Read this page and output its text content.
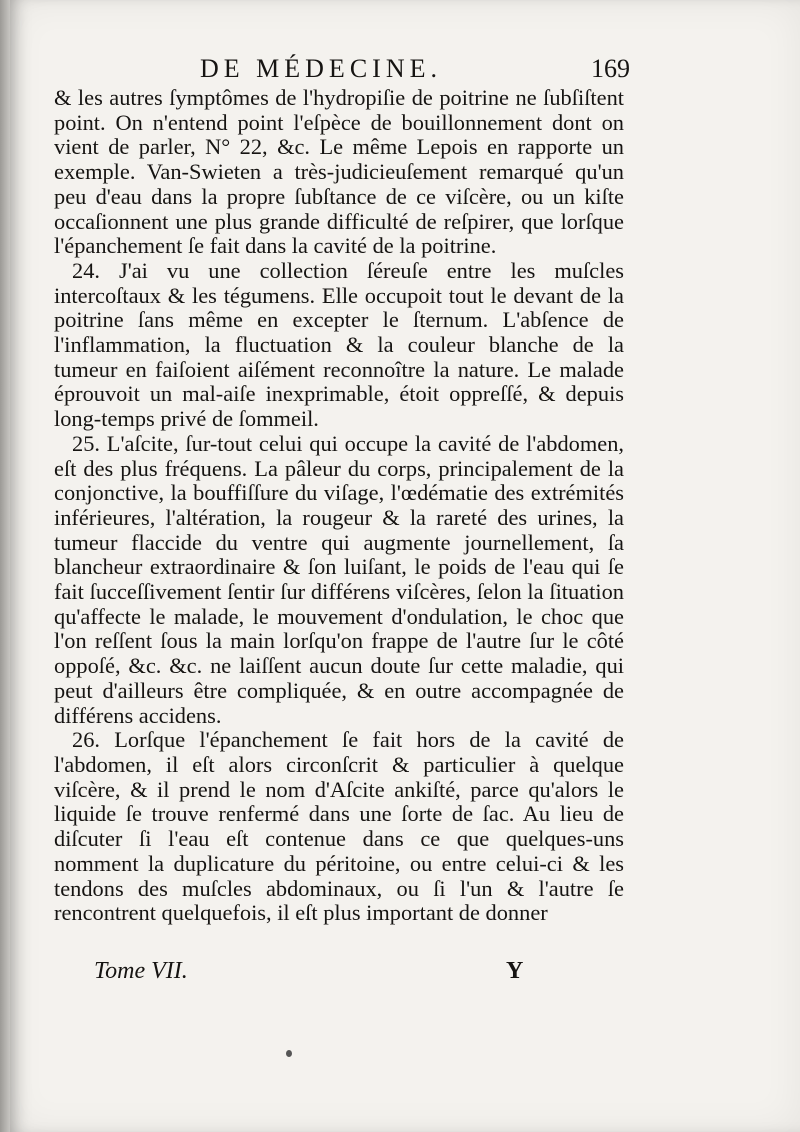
DE MÉDECINE.	169

& les autres ſymptômes de l'hydropiſie de poitrine ne ſubſiſtent point. On n'entend point l'eſpèce de bouillonnement dont on vient de parler, N° 22, &c. Le même Lepois en rapporte un exemple. Van-Swieten a très-judicieuſement remarqué qu'un peu d'eau dans la propre ſubſtance de ce viſcère, ou un kiſte occaſionnent une plus grande difficulté de reſpirer, que lorſque l'épanchement ſe fait dans la cavité de la poitrine.

24. J'ai vu une collection ſéreuſe entre les muſcles intercoſtaux & les tégumens. Elle occupoit tout le devant de la poitrine ſans même en excepter le ſternum. L'abſence de l'inflammation, la fluctuation & la couleur blanche de la tumeur en faiſoient aiſément reconnoître la nature. Le malade éprouvoit un mal-aiſe inexprimable, étoit oppreſſé, & depuis long-temps privé de ſommeil.

25. L'aſcite, ſur-tout celui qui occupe la cavité de l'abdomen, eſt des plus fréquens. La pâleur du corps, principalement de la conjonctive, la bouffiſſure du viſage, l'œdématie des extrémités inférieures, l'altération, la rougeur & la rareté des urines, la tumeur flaccide du ventre qui augmente journellement, ſa blancheur extraordinaire & ſon luiſant, le poids de l'eau qui ſe fait ſucceſſivement ſentir ſur différens viſcères, ſelon la ſituation qu'affecte le malade, le mouvement d'ondulation, le choc que l'on reſſent ſous la main lorſqu'on frappe de l'autre ſur le côté oppoſé, &c. &c. ne laiſſent aucun doute ſur cette maladie, qui peut d'ailleurs être compliquée, & en outre accompagnée de différens accidens.

26. Lorſque l'épanchement ſe fait hors de la cavité de l'abdomen, il eſt alors circonſcrit & particulier à quelque viſcère, & il prend le nom d'Aſcite ankiſté, parce qu'alors le liquide ſe trouve renfermé dans une ſorte de ſac. Au lieu de diſcuter ſi l'eau eſt contenue dans ce que quelques-uns nomment la duplicature du péritoine, ou entre celui-ci & les tendons des muſcles abdominaux, ou ſi l'un & l'autre ſe rencontrent quelquefois, il eſt plus important de donner

Tome VII.	Y
